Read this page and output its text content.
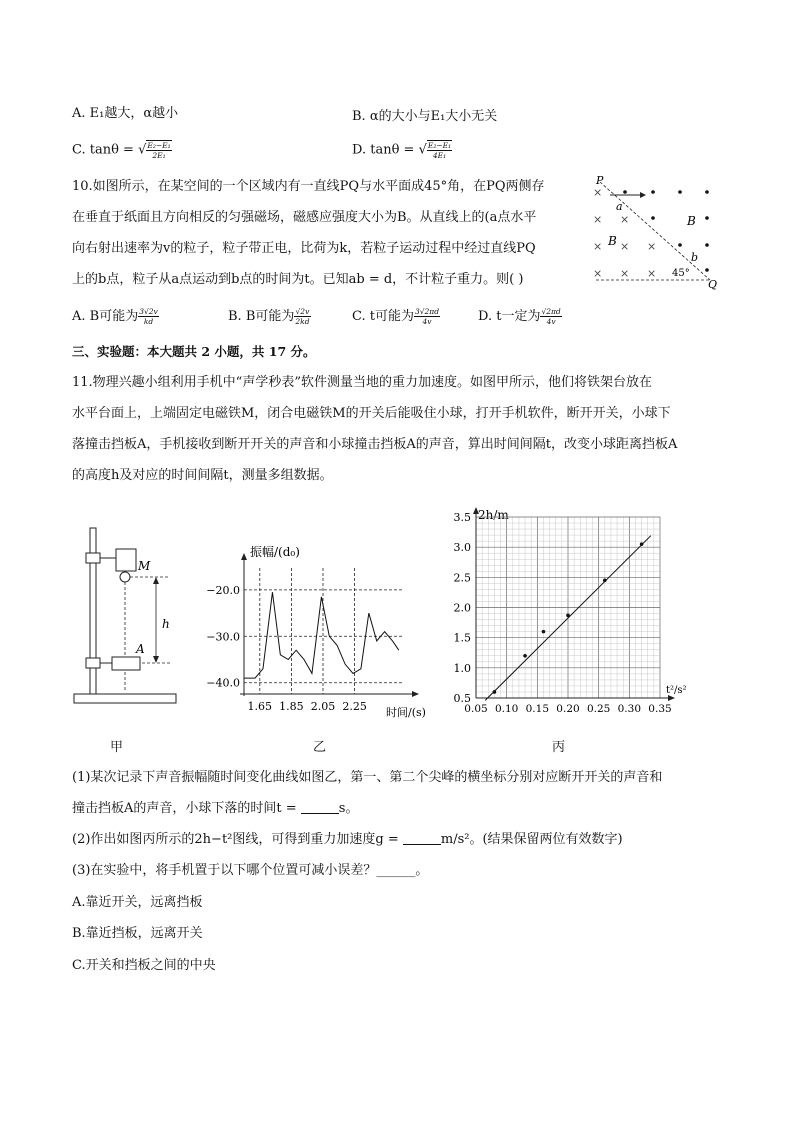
A. E₁越大，α越小	B. α的大小与E₁大小无关
C. tanθ = √ $\frac{\text{E₂−E₁}}{\text{2E₁}}$	D. tanθ = √ $\frac{\text{E₂−E₁}}{\text{4E₁}}$
10.如图所示，在某空间的一个区域内有一直线PQ与水平面成45°角，在PQ两侧存
在垂直于纸面且方向相反的匀强磁场，磁感应强度大小为B。从直线上的(a点水平
向右射出速率为v的粒子，粒子带正电，比荷为k，若粒子运动过程中经过直线PQ
上的b点，粒子从a点运动到b点的时间为t。已知ab = d，不计粒子重力。则( )
A. B可能为 $\frac{3√2v}{kd}$	B. B可能为 $\frac{√2v}{2kd}$	C. t可能为 $\frac{3√2\pi d}{4v}$	D. t一定为 $\frac{√2\pi d}{4v}$
P
Q
a
b
B
B
45°
×
× ×
× × ×
× × ×
三、实验题：本大题共 2 小题，共 17 分。
11.物理兴趣小组利用手机中“声学秒表”软件测量当地的重力加速度。如图甲所示，他们将铁架台放在
水平台面上，上端固定电磁铁M，闭合电磁铁M的开关后能吸住小球，打开手机软件，断开开关，小球下
落撞击挡板A，手机接收到断开开关的声音和小球撞击挡板A的声音，算出时间间隔t，改变小球距离挡板A
的高度h及对应的时间间隔t，测量多组数据。
M
A
h
甲
振幅/(d₀)
时间/(s)
−20.0
−30.0
−40.0
1.65 1.85 2.05 2.25
乙
2h/m
t²/s²
0.5
1.0
1.5
2.0
2.5
3.0
3.5
0.05 0.10 0.15 0.20 0.25 0.30 0.35
丙
(1)某次记录下声音振幅随时间变化曲线如图乙，第一、第二个尖峰的横坐标分别对应断开开关的声音和
撞击挡板A的声音，小球下落的时间t =	s。
(2)作出如图丙所示的2h−t²图线，可得到重力加速度g =	m/s²。(结果保留两位有效数字)
(3)在实验中，将手机置于以下哪个位置可减小误差？______。
A.靠近开关，远离挡板
B.靠近挡板，远离开关
C.开关和挡板之间的中央
